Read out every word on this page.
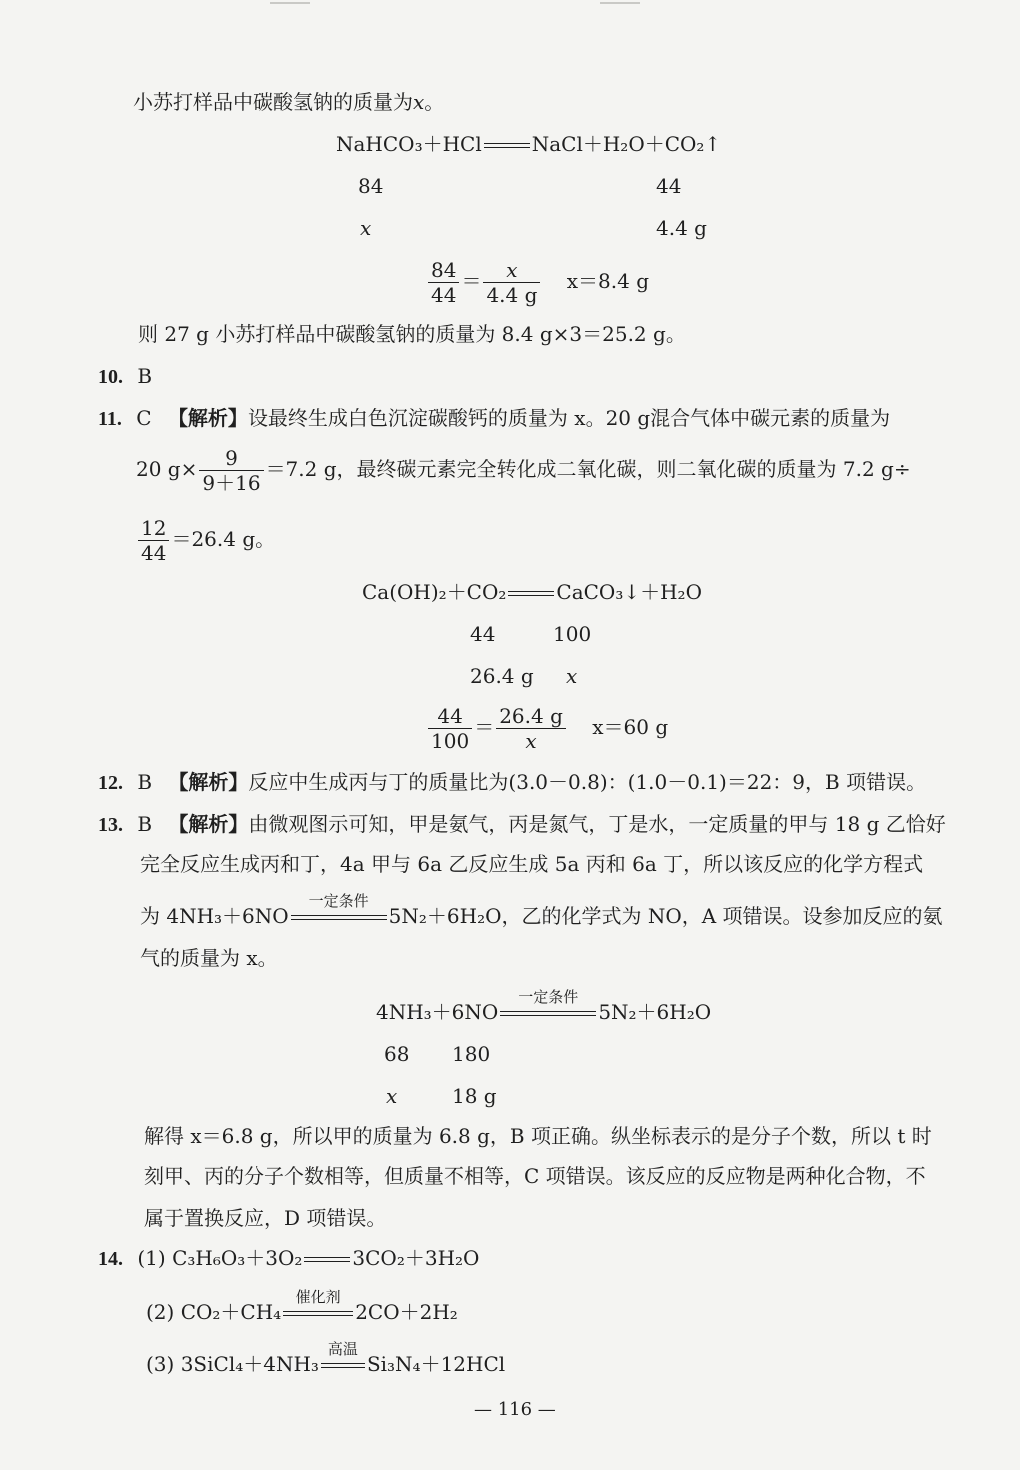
小苏打样品中碳酸氢钠的质量为x。
NaHCO₃＋HCl	NaCl＋H₂O＋CO₂↑
84	44
x	4.4 g
$\frac{84}{44} = \frac{x}{4.4 g} x=8.4$ g
则 27 g 小苏打样品中碳酸氢钠的质量为 8.4 g×3＝25.2 g。
10. B
11. C 【解析】设最终生成白色沉淀碳酸钙的质量为 x。20 g混合气体中碳元素的质量为
20 $g\times \frac{9}{9+16} =7.2$ g，最终碳元素完全转化成二氧化碳，则二氧化碳的质量为 7.2 g÷
$\frac{12}{44} =26.4$ g。
Ca(OH)₂＋CO₂	CaCO₃↓＋H₂O
44	100
26.4 g x
$\frac{44}{100} = \frac{26.4 g}{x} x=60$ g
12. B 【解析】反应中生成丙与丁的质量比为(3.0－0.8)：(1.0－0.1)＝22：9，B 项错误。
13. B 【解析】由微观图示可知，甲是氨气，丙是氮气，丁是水，一定质量的甲与 18 g 乙恰好
完全反应生成丙和丁，4a 甲与 6a 乙反应生成 5a 丙和 6a 丁，所以该反应的化学方程式
为 4NH₃＋6NO
一定条件
5N₂＋6H₂O，乙的化学式为 NO，A 项错误。设参加反应的氨
气的质量为 x。
4NH₃＋6NO
一定条件
5N₂＋6H₂O
68 180
x	18 g
解得 x＝6.8 g，所以甲的质量为 6.8 g，B 项正确。纵坐标表示的是分子个数，所以 t 时
刻甲、丙的分子个数相等，但质量不相等，C 项错误。该反应的反应物是两种化合物，不
属于置换反应，D 项错误。
14. (1) C₃H₆O₃＋3O₂	3CO₂＋3H₂O
(2) CO₂＋CH₄
催化剂
2CO＋2H₂
(3) 3SiCl₄＋4NH₃
高温
Si₃N₄＋12HCl
— 116 —
